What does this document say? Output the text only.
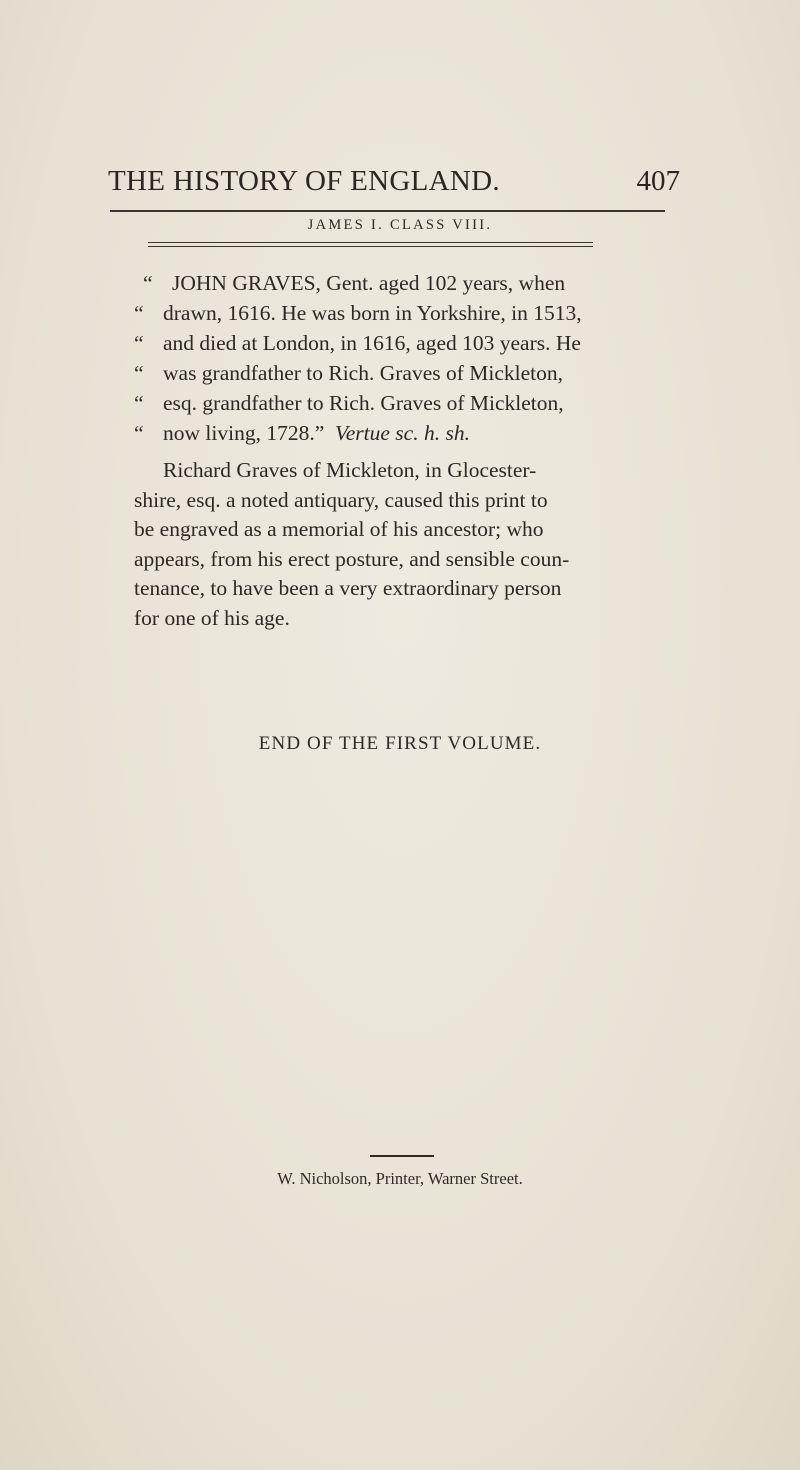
THE HISTORY OF ENGLAND.	407
JAMES I. CLASS VIII.
“ JOHN GRAVES, Gent. aged 102 years, when
“ drawn, 1616. He was born in Yorkshire, in 1513,
“ and died at London, in 1616, aged 103 years. He
“ was grandfather to Rich. Graves of Mickleton,
“ esq. grandfather to Rich. Graves of Mickleton,
“ now living, 1728.” Vertue sc. h. sh.
Richard Graves of Mickleton, in Glocester-
shire, esq. a noted antiquary, caused this print to
be engraved as a memorial of his ancestor; who
appears, from his erect posture, and sensible coun-
tenance, to have been a very extraordinary person
for one of his age.
END OF THE FIRST VOLUME.
W. Nicholson, Printer, Warner Street.
